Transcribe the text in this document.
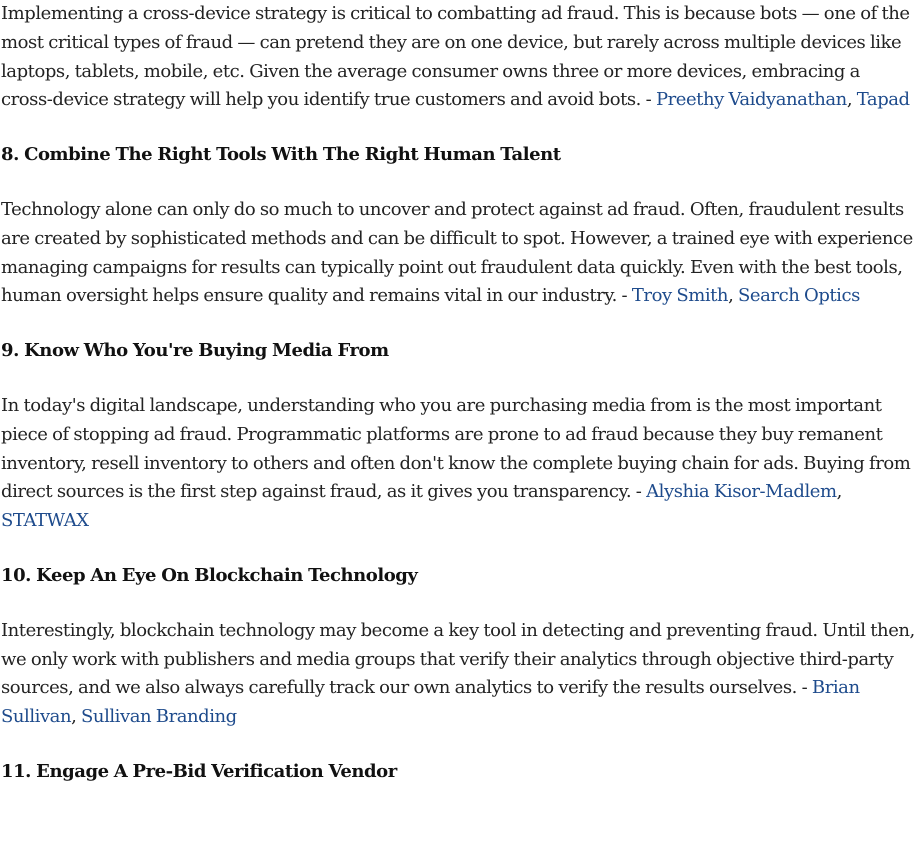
Implementing a cross-device strategy is critical to combatting ad fraud. This is because bots — one of the most critical types of fraud — can pretend they are on one device, but rarely across multiple devices like laptops, tablets, mobile, etc. Given the average consumer owns three or more devices, embracing a cross-device strategy will help you identify true customers and avoid bots. - Preethy Vaidyanathan, Tapad

8. Combine The Right Tools With The Right Human Talent

Technology alone can only do so much to uncover and protect against ad fraud. Often, fraudulent results are created by sophisticated methods and can be difficult to spot. However, a trained eye with experience managing campaigns for results can typically point out fraudulent data quickly. Even with the best tools, human oversight helps ensure quality and remains vital in our industry. - Troy Smith, Search Optics

9. Know Who You're Buying Media From

In today's digital landscape, understanding who you are purchasing media from is the most important piece of stopping ad fraud. Programmatic platforms are prone to ad fraud because they buy remanent inventory, resell inventory to others and often don't know the complete buying chain for ads. Buying from direct sources is the first step against fraud, as it gives you transparency. - Alyshia Kisor-Madlem, STATWAX

10. Keep An Eye On Blockchain Technology

Interestingly, blockchain technology may become a key tool in detecting and preventing fraud. Until then, we only work with publishers and media groups that verify their analytics through objective third-party sources, and we also always carefully track our own analytics to verify the results ourselves. - Brian Sullivan, Sullivan Branding

11. Engage A Pre-Bid Verification Vendor
